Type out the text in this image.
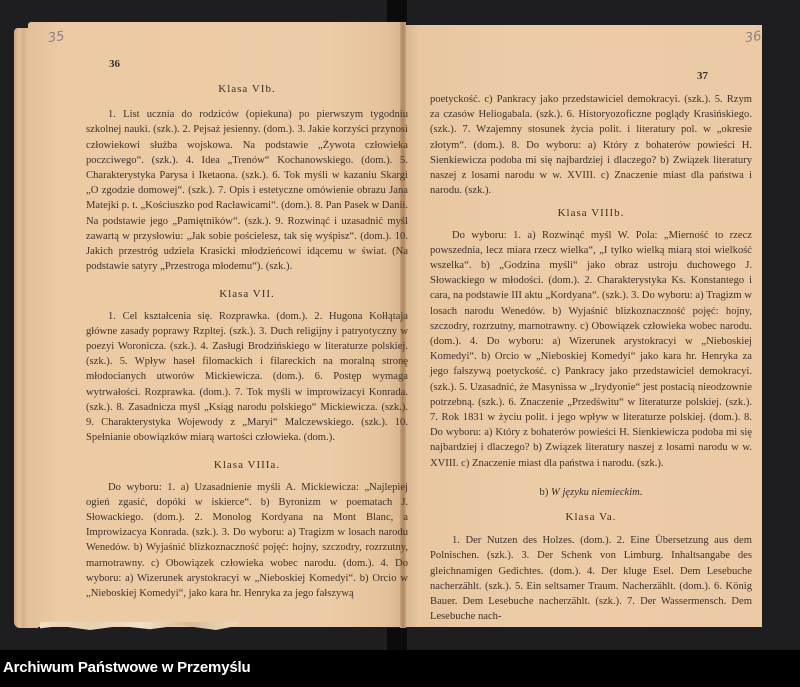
35	36
36
37

Klasa VIb.

1. List ucznia do rodziców (opiekuna) po pierwszym tygodniu szkolnej nauki. (szk.). 2. Pejsaż jesienny. (dom.). 3. Jakie korzyści przynosi człowiekowi służba wojskowa. Na podstawie „Żywota człowieka poczciwego“. (szk.). 4. Idea „Trenów“ Kochanowskiego. (dom.). 5. Charakterystyka Parysa i Iketaona. (szk.). 6. Tok myśli w kazaniu Skargi „O zgodzie domowej“. (szk.). 7. Opis i estetyczne omówienie obrazu Jana Matejki p. t. „Kościuszko pod Racławicami“. (dom.). 8. Pan Pasek w Danii. Na podstawie jego „Pamiętników“. (szk.). 9. Rozwinąć i uzasadnić myśl zawartą w przysłowiu: „Jak sobie pościelesz, tak się wyśpisz“. (dom.). 10. Jakich przestróg udziela Krasicki młodzieńcowi idącemu w świat. (Na podstawie satyry „Przestroga młodemu“). (szk.).

Klasa VII.

1. Cel kształcenia się. Rozprawka. (dom.). 2. Hugona Kołłątaja główne zasady poprawy Rzpltej. (szk.). 3. Duch religijny i patryotyczny w poezyi Woronicza. (szk.). 4. Zasługi Brodzińskiego w literaturze polskiej. (szk.). 5. Wpływ haseł filomackich i filareckich na moralną stronę młodocianych utworów Mickiewicza. (dom.). 6. Postęp wymaga wytrwałości. Rozprawka. (dom.). 7. Tok myśli w improwizacyi Konrada. (szk.). 8. Zasadnicza myśl „Ksiąg narodu polskiego“ Mickiewicza. (szk.). 9. Charakterystyka Wojewody z „Maryi“ Malczewskiego. (szk.). 10. Spełnianie obowiązków miarą wartości człowieka. (dom.).

Klasa VIIIa.

Do wyboru: 1. a) Uzasadnienie myśli A. Mickiewicza: „Najlepiej ogień zgasić, dopóki w iskierce“. b) Byronizm w poematach J. Słowackiego. (dom.). 2. Monolog Kordyana na Mont Blanc, a Improwizacya Konrada. (szk.). 3. Do wyboru: a) Tragizm w losach narodu Wenedów. b) Wyjaśnić blizkoznaczność pojęć: hojny, szczodry, rozrzutny, marnotrawny. c) Obowiązek człowieka wobec narodu. (dom.). 4. Do wyboru: a) Wizerunek arystokracyi w „Nieboskiej Komedyi“. b) Orcio w „Nieboskiej Komedyi“, jako kara hr. Henryka za jego fałszywą

poetyckość. c) Pankracy jako przedstawiciel demokracyi. (szk.). 5. Rzym za czasów Heliogabala. (szk.). 6. Historyozoficzne poglądy Krasińskiego. (szk.). 7. Wzajemny stosunek życia polit. i literatury pol. w „okresie złotym“. (dom.). 8. Do wyboru: a) Który z bohaterów powieści H. Sienkiewicza podoba mi się najbardziej i dlaczego? b) Związek literatury naszej z losami narodu w w. XVIII. c) Znaczenie miast dla państwa i narodu. (szk.).

Klasa VIIIb.

Do wyboru: 1. a) Rozwinąć myśl W. Pola: „Mierność to rzecz powszednia, lecz miara rzecz wielka“, „I tylko wielką miarą stoi wielkość wszelka“. b) „Godzina myśli“ jako obraz ustroju duchowego J. Słowackiego w młodości. (dom.). 2. Charakterystyka Ks. Konstantego i cara, na podstawie III aktu „Kordyana“. (szk.). 3. Do wyboru: a) Tragizm w losach narodu Wenedów. b) Wyjaśnić blizkoznaczność pojęć: hojny, szczodry, rozrzutny, marnotrawny. c) Obowiązek człowieka wobec narodu. (dom.). 4. Do wyboru: a) Wizerunek arystokracyi w „Nieboskiej Komedyi“. b) Orcio w „Nieboskiej Komedyi“ jako kara hr. Henryka za jego fałszywą poetyckość. c) Pankracy jako przedstawiciel demokracyi. (szk.). 5. Uzasadnić, że Masynissa w „Irydyonie“ jest postacią nieodzownie potrzebną. (szk.). 6. Znaczenie „Przedświtu“ w literaturze polskiej. (szk.). 7. Rok 1831 w życiu polit. i jego wpływ w literaturze polskiej. (dom.). 8. Do wyboru: a) Który z bohaterów powieści H. Sienkiewicza podoba mi się najbardziej i dlaczego? b) Związek literatury naszej z losami narodu w w. XVIII. c) Znaczenie miast dla państwa i narodu. (szk.).

b) W języku niemieckim.

Klasa Va.

1. Der Nutzen des Holzes. (dom.). 2. Eine Übersetzung aus dem Polnischen. (szk.). 3. Der Schenk von Limburg. Inhaltsangabe des gleichnamigen Gedichtes. (dom.). 4. Der kluge Esel. Dem Lesebuche nacherzählt. (szk.). 5. Ein seltsamer Traum. Nacherzählt. (dom.). 6. König Bauer. Dem Lesebuche nacherzählt. (szk.). 7. Der Wassermensch. Dem Lesebuche nach-

Archiwum Państwowe w Przemyślu
